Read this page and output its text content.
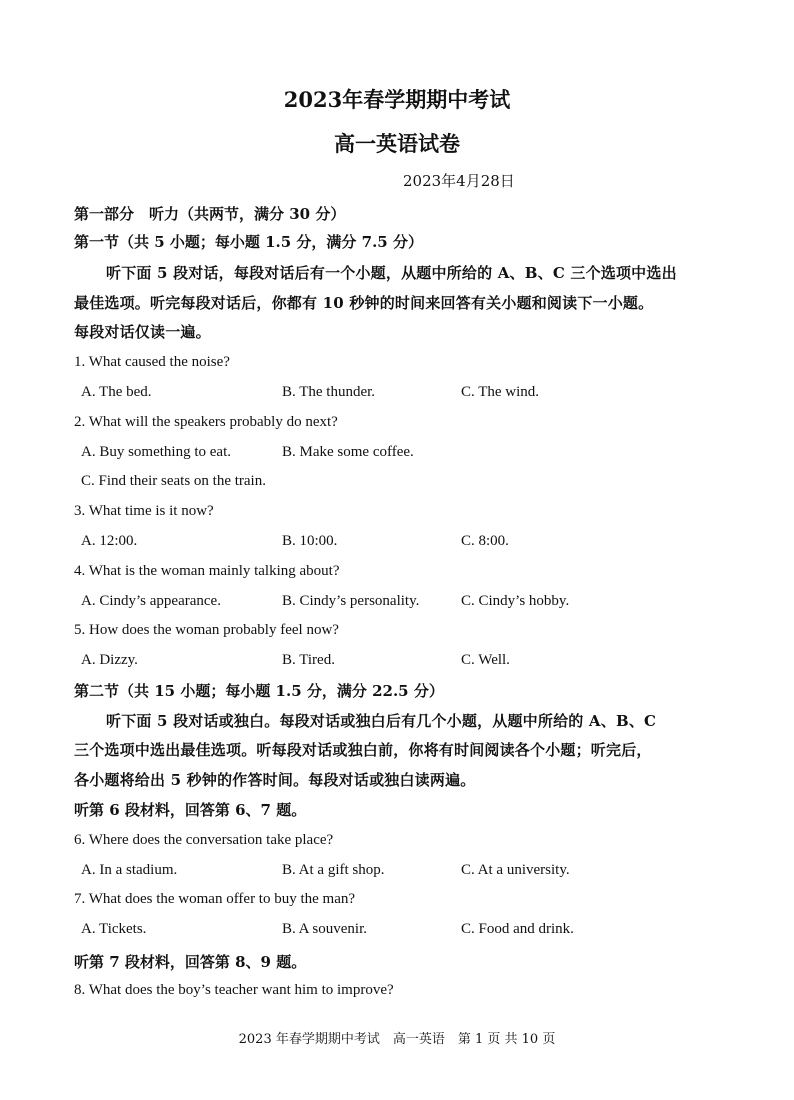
2023年春学期期中考试
高一英语试卷
2023年4月28日
第一部分　听力（共两节，满分 30 分）
第一节（共 5 小题；每小题 1.5 分，满分 7.5 分）
听下面 5 段对话，每段对话后有一个小题，从题中所给的 A、B、C 三个选项中选出
最佳选项。听完每段对话后，你都有 10 秒钟的时间来回答有关小题和阅读下一小题。
每段对话仅读一遍。
1. What caused the noise?
A. The bed.	B. The thunder.	C. The wind.
2. What will the speakers probably do next?
A. Buy something to eat.	B. Make some coffee.
C. Find their seats on the train.
3. What time is it now?
A. 12:00.	B. 10:00.	C. 8:00.
4. What is the woman mainly talking about?
A. Cindy’s appearance.	B. Cindy’s personality.	C. Cindy’s hobby.
5. How does the woman probably feel now?
A. Dizzy.	B. Tired.	C. Well.
第二节（共 15 小题；每小题 1.5 分，满分 22.5 分）
听下面 5 段对话或独白。每段对话或独白后有几个小题，从题中所给的 A、B、C
三个选项中选出最佳选项。听每段对话或独白前，你将有时间阅读各个小题；听完后，
各小题将给出 5 秒钟的作答时间。每段对话或独白读两遍。
听第 6 段材料，回答第 6、7 题。
6. Where does the conversation take place?
A. In a stadium.	B. At a gift shop.	C. At a university.
7. What does the woman offer to buy the man?
A. Tickets.	B. A souvenir.	C. Food and drink.
听第 7 段材料，回答第 8、9 题。
8. What does the boy’s teacher want him to improve?
2023 年春学期期中考试　高一英语　第 1 页 共 10 页
